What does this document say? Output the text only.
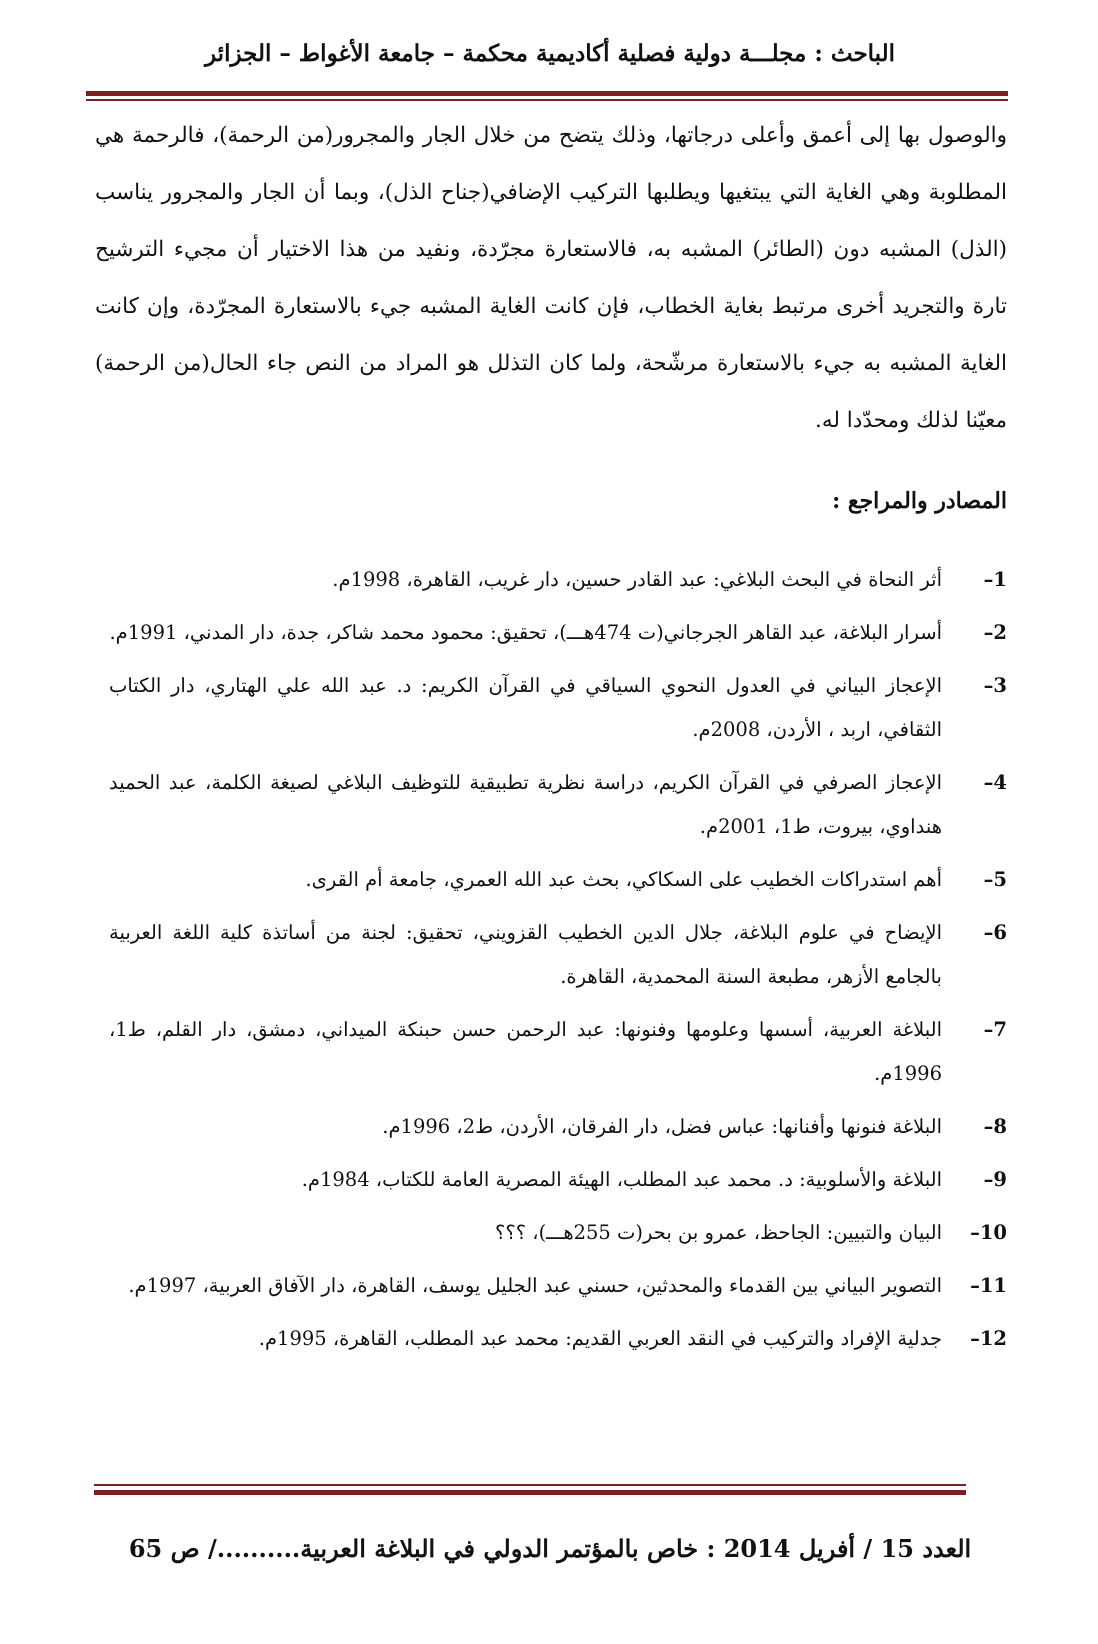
الباحث : مجلـــة دولية فصلية أكاديمية محكمة – جامعة الأغواط – الجزائر
والوصول بها إلى أعمق وأعلى درجاتها، وذلك يتضح من خلال الجار والمجرور(من الرحمة)، فالرحمة هي المطلوبة وهي الغاية التي يبتغيها ويطلبها التركيب الإضافي(جناح الذل)، وبما أن الجار والمجرور يناسب (الذل) المشبه دون (الطائر) المشبه به، فالاستعارة مجرّدة، ونفيد من هذا الاختيار أن مجيء الترشيح تارة والتجريد أخرى مرتبط بغاية الخطاب، فإن كانت الغاية المشبه جيء بالاستعارة المجرّدة، وإن كانت الغاية المشبه به جيء بالاستعارة مرشّحة، ولما كان التذلل هو المراد من النص جاء الحال(من الرحمة) معيّنا لذلك ومحدّدا له.
المصادر والمراجع :
1–
أثر النحاة في البحث البلاغي: عبد القادر حسين، دار غريب، القاهرة، 1998م.
2–
أسرار البلاغة، عبد القاهر الجرجاني(ت 474هـــ)، تحقيق: محمود محمد شاكر، جدة، دار المدني، 1991م.
3–
الإعجاز البياني في العدول النحوي السياقي في القرآن الكريم: د. عبد الله علي الهتاري، دار الكتاب الثقافي، اربد ، الأردن، 2008م.
4–
الإعجاز الصرفي في القرآن الكريم، دراسة نظرية تطبيقية للتوظيف البلاغي لصيغة الكلمة، عبد الحميد هنداوي، بيروت، ط1، 2001م.
5–
أهم استدراكات الخطيب على السكاكي، بحث عبد الله العمري، جامعة أم القرى.
6–
الإيضاح في علوم البلاغة، جلال الدين الخطيب القزويني، تحقيق: لجنة من أساتذة كلية اللغة العربية بالجامع الأزهر، مطبعة السنة المحمدية، القاهرة.
7–
البلاغة العربية، أسسها وعلومها وفنونها: عبد الرحمن حسن حبنكة الميداني، دمشق، دار القلم، ط1، 1996م.
8–
البلاغة فنونها وأفنانها: عباس فضل، دار الفرقان، الأردن، ط2، 1996م.
9–
البلاغة والأسلوبية: د. محمد عبد المطلب، الهيئة المصرية العامة للكتاب، 1984م.
10–
البيان والتبيين: الجاحظ، عمرو بن بحر(ت 255هـــ)، ؟؟؟
11–
التصوير البياني بين القدماء والمحدثين، حسني عبد الجليل يوسف، القاهرة، دار الآفاق العربية، 1997م.
12–
جدلية الإفراد والتركيب في النقد العربي القديم: محمد عبد المطلب، القاهرة، 1995م.
العدد 15 / أفريل 2014 : خاص بالمؤتمر الدولي في البلاغة العربية........../ ص 65
